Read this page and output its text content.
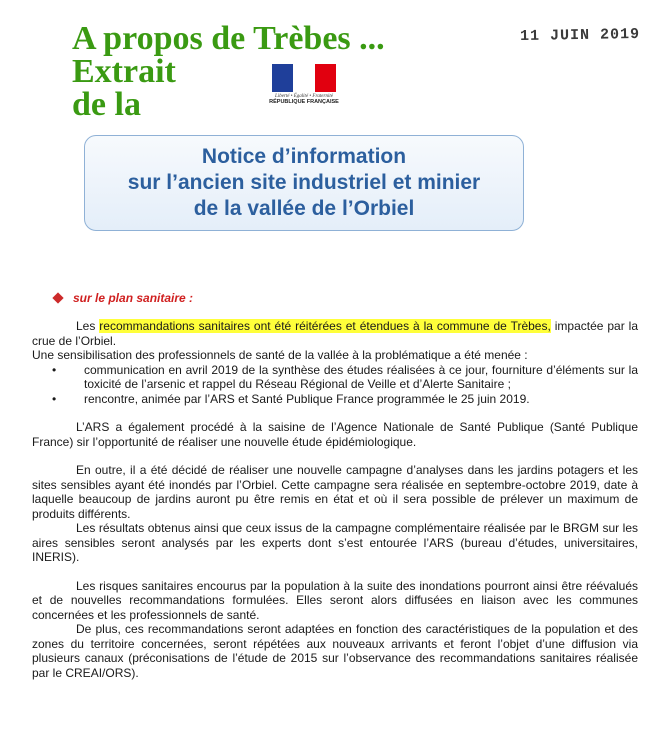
A propos de Trèbes ...
Extrait
de la
11 JUIN 2019
Liberté • Égalité • Fraternité
RÉPUBLIQUE FRANÇAISE
Notice d’information
sur l’ancien site industriel et minier
de la vallée de l’Orbiel
sur le plan sanitaire :

Les recommandations sanitaires ont été réitérées et étendues à la commune de Trèbes, impactée par la crue de l’Orbiel.

Une sensibilisation des professionnels de santé de la vallée à la problématique a été menée :

• communication en avril 2019 de la synthèse des études réalisées à ce jour, fourniture d’éléments sur la toxicité de l’arsenic et rappel du Réseau Régional de Veille et d’Alerte Sanitaire ;
• rencontre, animée par l’ARS et Santé Publique France programmée le 25 juin 2019.

L’ARS a également procédé à la saisine de l’Agence Nationale de Santé Publique (Santé Publique France) sir l’opportunité de réaliser une nouvelle étude épidémiologique.

En outre, il a été décidé de réaliser une nouvelle campagne d’analyses dans les jardins potagers et les sites sensibles ayant été inondés par l’Orbiel. Cette campagne sera réalisée en septembre-octobre 2019, date à laquelle beaucoup de jardins auront pu être remis en état et où il sera possible de prélever un maximum de produits différents.

Les résultats obtenus ainsi que ceux issus de la campagne complémentaire réalisée par le BRGM sur les aires sensibles seront analysés par les experts dont s’est entourée l’ARS (bureau d’études, universitaires, INERIS).

Les risques sanitaires encourus par la population à la suite des inondations pourront ainsi être réévalués et de nouvelles recommandations formulées. Elles seront alors diffusées en liaison avec les communes concernées et les professionnels de santé.

De plus, ces recommandations seront adaptées en fonction des caractéristiques de la population et des zones du territoire concernées, seront répétées aux nouveaux arrivants et feront l’objet d’une diffusion via plusieurs canaux (préconisations de l’étude de 2015 sur l’observance des recommandations sanitaires réalisée par le CREAI/ORS).
